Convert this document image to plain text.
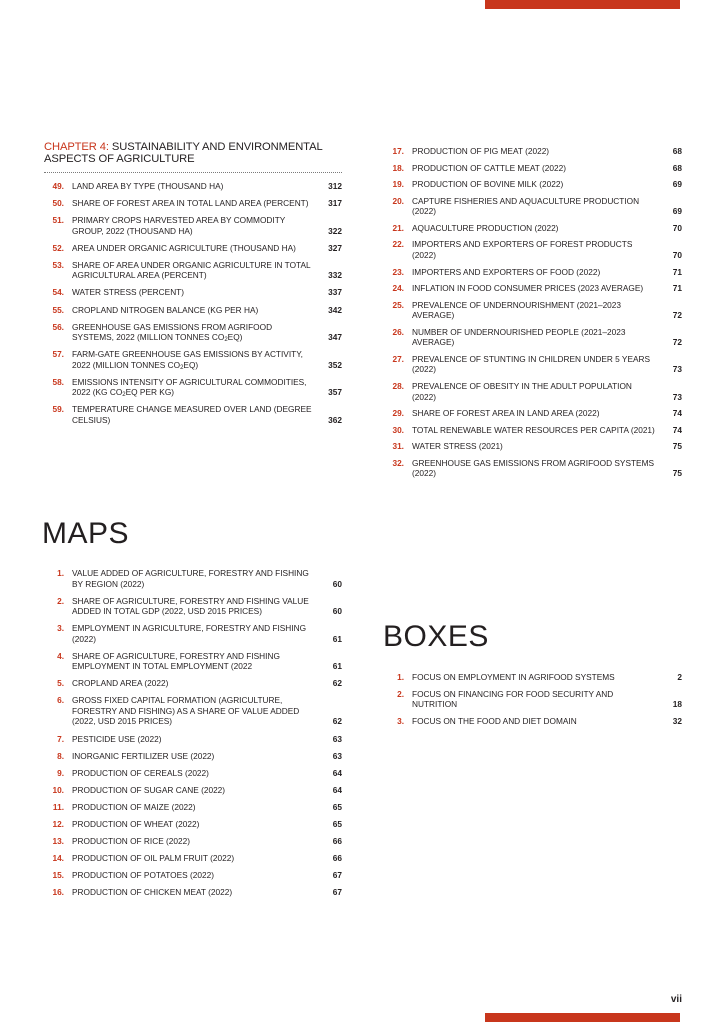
CHAPTER 4: SUSTAINABILITY AND ENVIRONMENTAL ASPECTS OF AGRICULTURE
49. LAND AREA BY TYPE (THOUSAND HA)	312
50. SHARE OF FOREST AREA IN TOTAL LAND AREA (PERCENT)	317
51. PRIMARY CROPS HARVESTED AREA BY COMMODITY GROUP, 2022 (THOUSAND HA)	322
52. AREA UNDER ORGANIC AGRICULTURE (THOUSAND HA)	327
53. SHARE OF AREA UNDER ORGANIC AGRICULTURE IN TOTAL AGRICULTURAL AREA (PERCENT)	332
54. WATER STRESS (PERCENT)	337
55. CROPLAND NITROGEN BALANCE (KG PER HA)	342
56. GREENHOUSE GAS EMISSIONS FROM AGRIFOOD SYSTEMS, 2022 (MILLION TONNES $CO_2EQ$)	347
57. FARM-GATE GREENHOUSE GAS EMISSIONS BY ACTIVITY, 2022 (MILLION TONNES $CO_2EQ$)	352
58. EMISSIONS INTENSITY OF AGRICULTURAL COMMODITIES, 2022 (KG $CO_2EQ$ PER KG)	357
59. TEMPERATURE CHANGE MEASURED OVER LAND (DEGREE CELSIUS)	362
MAPS
1. VALUE ADDED OF AGRICULTURE, FORESTRY AND FISHING BY REGION (2022)	60
2. SHARE OF AGRICULTURE, FORESTRY AND FISHING VALUE ADDED IN TOTAL GDP (2022, USD 2015 PRICES)	60
3. EMPLOYMENT IN AGRICULTURE, FORESTRY AND FISHING (2022)	61
4. SHARE OF AGRICULTURE, FORESTRY AND FISHING EMPLOYMENT IN TOTAL EMPLOYMENT (2022	61
5. CROPLAND AREA (2022)	62
6. GROSS FIXED CAPITAL FORMATION (AGRICULTURE, FORESTRY AND FISHING) AS A SHARE OF VALUE ADDED (2022, USD 2015 PRICES)	62
7. PESTICIDE USE (2022)	63
8. INORGANIC FERTILIZER USE (2022)	63
9. PRODUCTION OF CEREALS (2022)	64
10. PRODUCTION OF SUGAR CANE (2022)	64
11. PRODUCTION OF MAIZE (2022)	65
12. PRODUCTION OF WHEAT (2022)	65
13. PRODUCTION OF RICE (2022)	66
14. PRODUCTION OF OIL PALM FRUIT (2022)	66
15. PRODUCTION OF POTATOES (2022)	67
16. PRODUCTION OF CHICKEN MEAT (2022)	67
17. PRODUCTION OF PIG MEAT (2022)	68
18. PRODUCTION OF CATTLE MEAT (2022)	68
19. PRODUCTION OF BOVINE MILK (2022)	69
20. CAPTURE FISHERIES AND AQUACULTURE PRODUCTION (2022)	69
21. AQUACULTURE PRODUCTION (2022)	70
22. IMPORTERS AND EXPORTERS OF FOREST PRODUCTS (2022)	70
23. IMPORTERS AND EXPORTERS OF FOOD (2022)	71
24. INFLATION IN FOOD CONSUMER PRICES (2023 AVERAGE)	71
25. PREVALENCE OF UNDERNOURISHMENT (2021–2023 AVERAGE)	72
26. NUMBER OF UNDERNOURISHED PEOPLE (2021–2023 AVERAGE)	72
27. PREVALENCE OF STUNTING IN CHILDREN UNDER 5 YEARS (2022)	73
28. PREVALENCE OF OBESITY IN THE ADULT POPULATION (2022)	73
29. SHARE OF FOREST AREA IN LAND AREA (2022)	74
30. TOTAL RENEWABLE WATER RESOURCES PER CAPITA (2021)	74
31. WATER STRESS (2021)	75
32. GREENHOUSE GAS EMISSIONS FROM AGRIFOOD SYSTEMS (2022)	75
BOXES
1. FOCUS ON EMPLOYMENT IN AGRIFOOD SYSTEMS	2
2. FOCUS ON FINANCING FOR FOOD SECURITY AND NUTRITION	18
3. FOCUS ON THE FOOD AND DIET DOMAIN	32
vii
